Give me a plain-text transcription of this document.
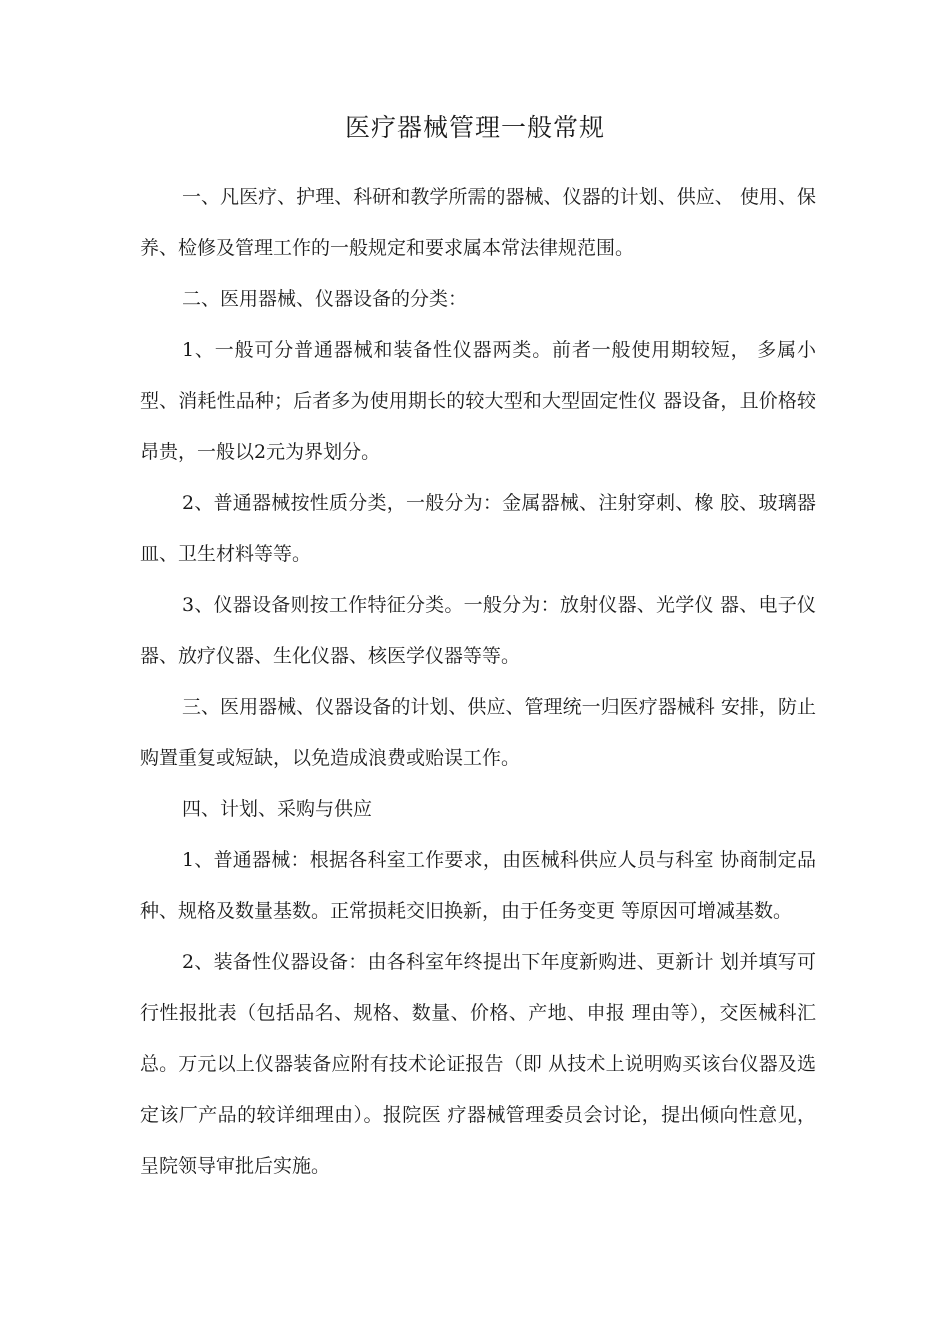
医疗器械管理一般常规

一、凡医疗、护理、科研和教学所需的器械、仪器的计划、供应、 使用、保养、检修及管理工作的一般规定和要求属本常法律规范围。

二、医用器械、仪器设备的分类：

1、一般可分普通器械和装备性仪器两类。前者一般使用期较短， 多属小型、消耗性品种；后者多为使用期长的较大型和大型固定性仪 器设备，且价格较昂贵，一般以2元为界划分。

2、普通器械按性质分类，一般分为：金属器械、注射穿刺、橡 胶、玻璃器皿、卫生材料等等。

3、仪器设备则按工作特征分类。一般分为：放射仪器、光学仪 器、电子仪器、放疗仪器、生化仪器、核医学仪器等等。

三、医用器械、仪器设备的计划、供应、管理统一归医疗器械科 安排，防止购置重复或短缺，以免造成浪费或贻误工作。

四、计划、采购与供应

1、普通器械：根据各科室工作要求，由医械科供应人员与科室 协商制定品种、规格及数量基数。正常损耗交旧换新，由于任务变更 等原因可增减基数。

2、装备性仪器设备：由各科室年终提出下年度新购进、更新计 划并填写可行性报批表（包括品名、规格、数量、价格、产地、申报 理由等），交医械科汇总。万元以上仪器装备应附有技术论证报告（即 从技术上说明购买该台仪器及选定该厂产品的较详细理由）。报院医 疗器械管理委员会讨论，提出倾向性意见，呈院领导审批后实施。
